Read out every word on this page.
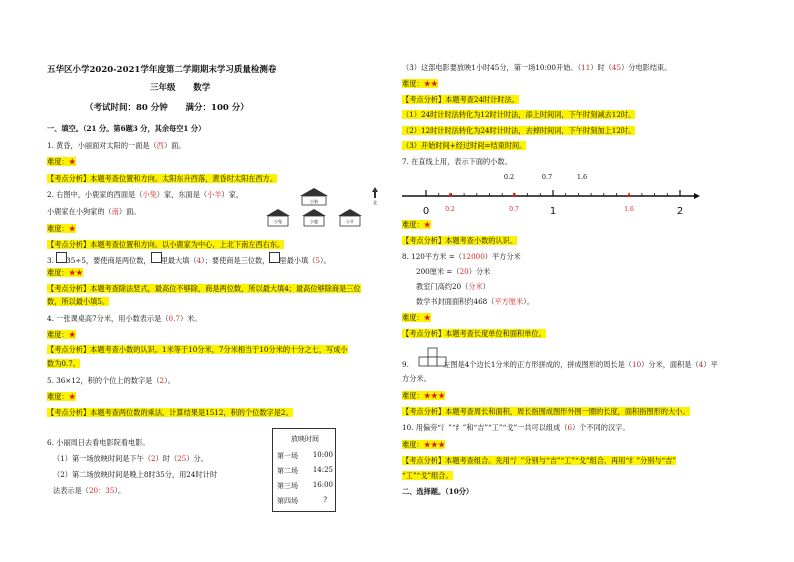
五华区小学2020-2021学年度第二学期期末学习质量检测卷
三年级      数学
（考试时间：80 分钟      满分：100 分）
一、填空。（21 分。第6题3 分，其余每空1 分）
1. 黄昏，小丽面对太阳的一面是（西）面。
难度：★
【考点分析】本题考查位置和方向。太阳东升西落，黄昏时太阳在西方。
2. 右图中，小鹿家的西面是（小兔）家，东面是（小羊）家，
小鹿家在小狗家的（南）面。
小狗
小兔	小鹿	小羊
北
难度：★
【考点分析】本题考查位置和方向。以小鹿家为中心，上北下南左西右东。
3. 35÷5，要使商是两位数， 里最大填（4）；要使商是三位数， 里最小填（5）。
难度：★★
【考点分析】本题考查除法竖式，最高位不够除，商是两位数，所以最大填4；最高位够除商是三位
数，所以最小填5。
4. 一张课桌高7分米，用小数表示是（0.7）米。
难度：★
【考点分析】本题考查小数的认识。1米等于10分米，7分米相当于10分米的十分之七，写成小
数为0.7。
5. 36×12，积的个位上的数字是（2）。
难度：★
【考点分析】本题考查两位数的乘法，计算结果是1512，积的个位数字是2。
6. 小丽周日去看电影院看电影。
（1）第一场放映时间是下午（2）时（25）分。
（2）第二场放映时间是晚上8时35分，用24时计时
法表示是（20：35）。
放映时间
第一场 10:00
第二场 14:25
第三场 16:00
第四场	?
（3）这部电影要放映1小时45分，第一场10:00开始。（11）时（45）分电影结束。
难度：★★
【考点分析】本题考查24时计时法。
（1）24时计时法转化为12时计时法，添上时间词，下午时刻减去12时。
（2）12时计时法转化为24时计时法，去掉时间词，下午时刻加上12时。
（3）开始时间+经过时间=结束时间。
7. 在直线上用，表示下面的小数。
0.2	0.7	1.6
0	1	2
0.2	0.7	1.6
难度：★
【考点分析】本题考查小数的认识。
8. 120平方米 =（12000）平方分米
200厘米 =（20）分米
教室门高约20（分米）
数学书封面面积约468（平方厘米）。
难度：★
【考点分析】本题考查长度单位和面积单位。
9.	左图是4个边长1分米的正方形拼成的，拼成图形的周长是（10）分米，面积是（4）平
方分米。
难度：★★★
【考点分析】本题考查周长和面积，周长指围成图形外围一圈的长度，面积指图形的大小。
10. 用偏旁“氵”“纟”和“吉”“工”“戈”一共可以组成（6）个不同的汉字。
难度：★★★
【考点分析】本题考查组合。先用“氵”分别与“吉”“工”“戈”组合，再用“纟”分别与“吉”
“工”“戈”组合。
二、选择题。（10分）
